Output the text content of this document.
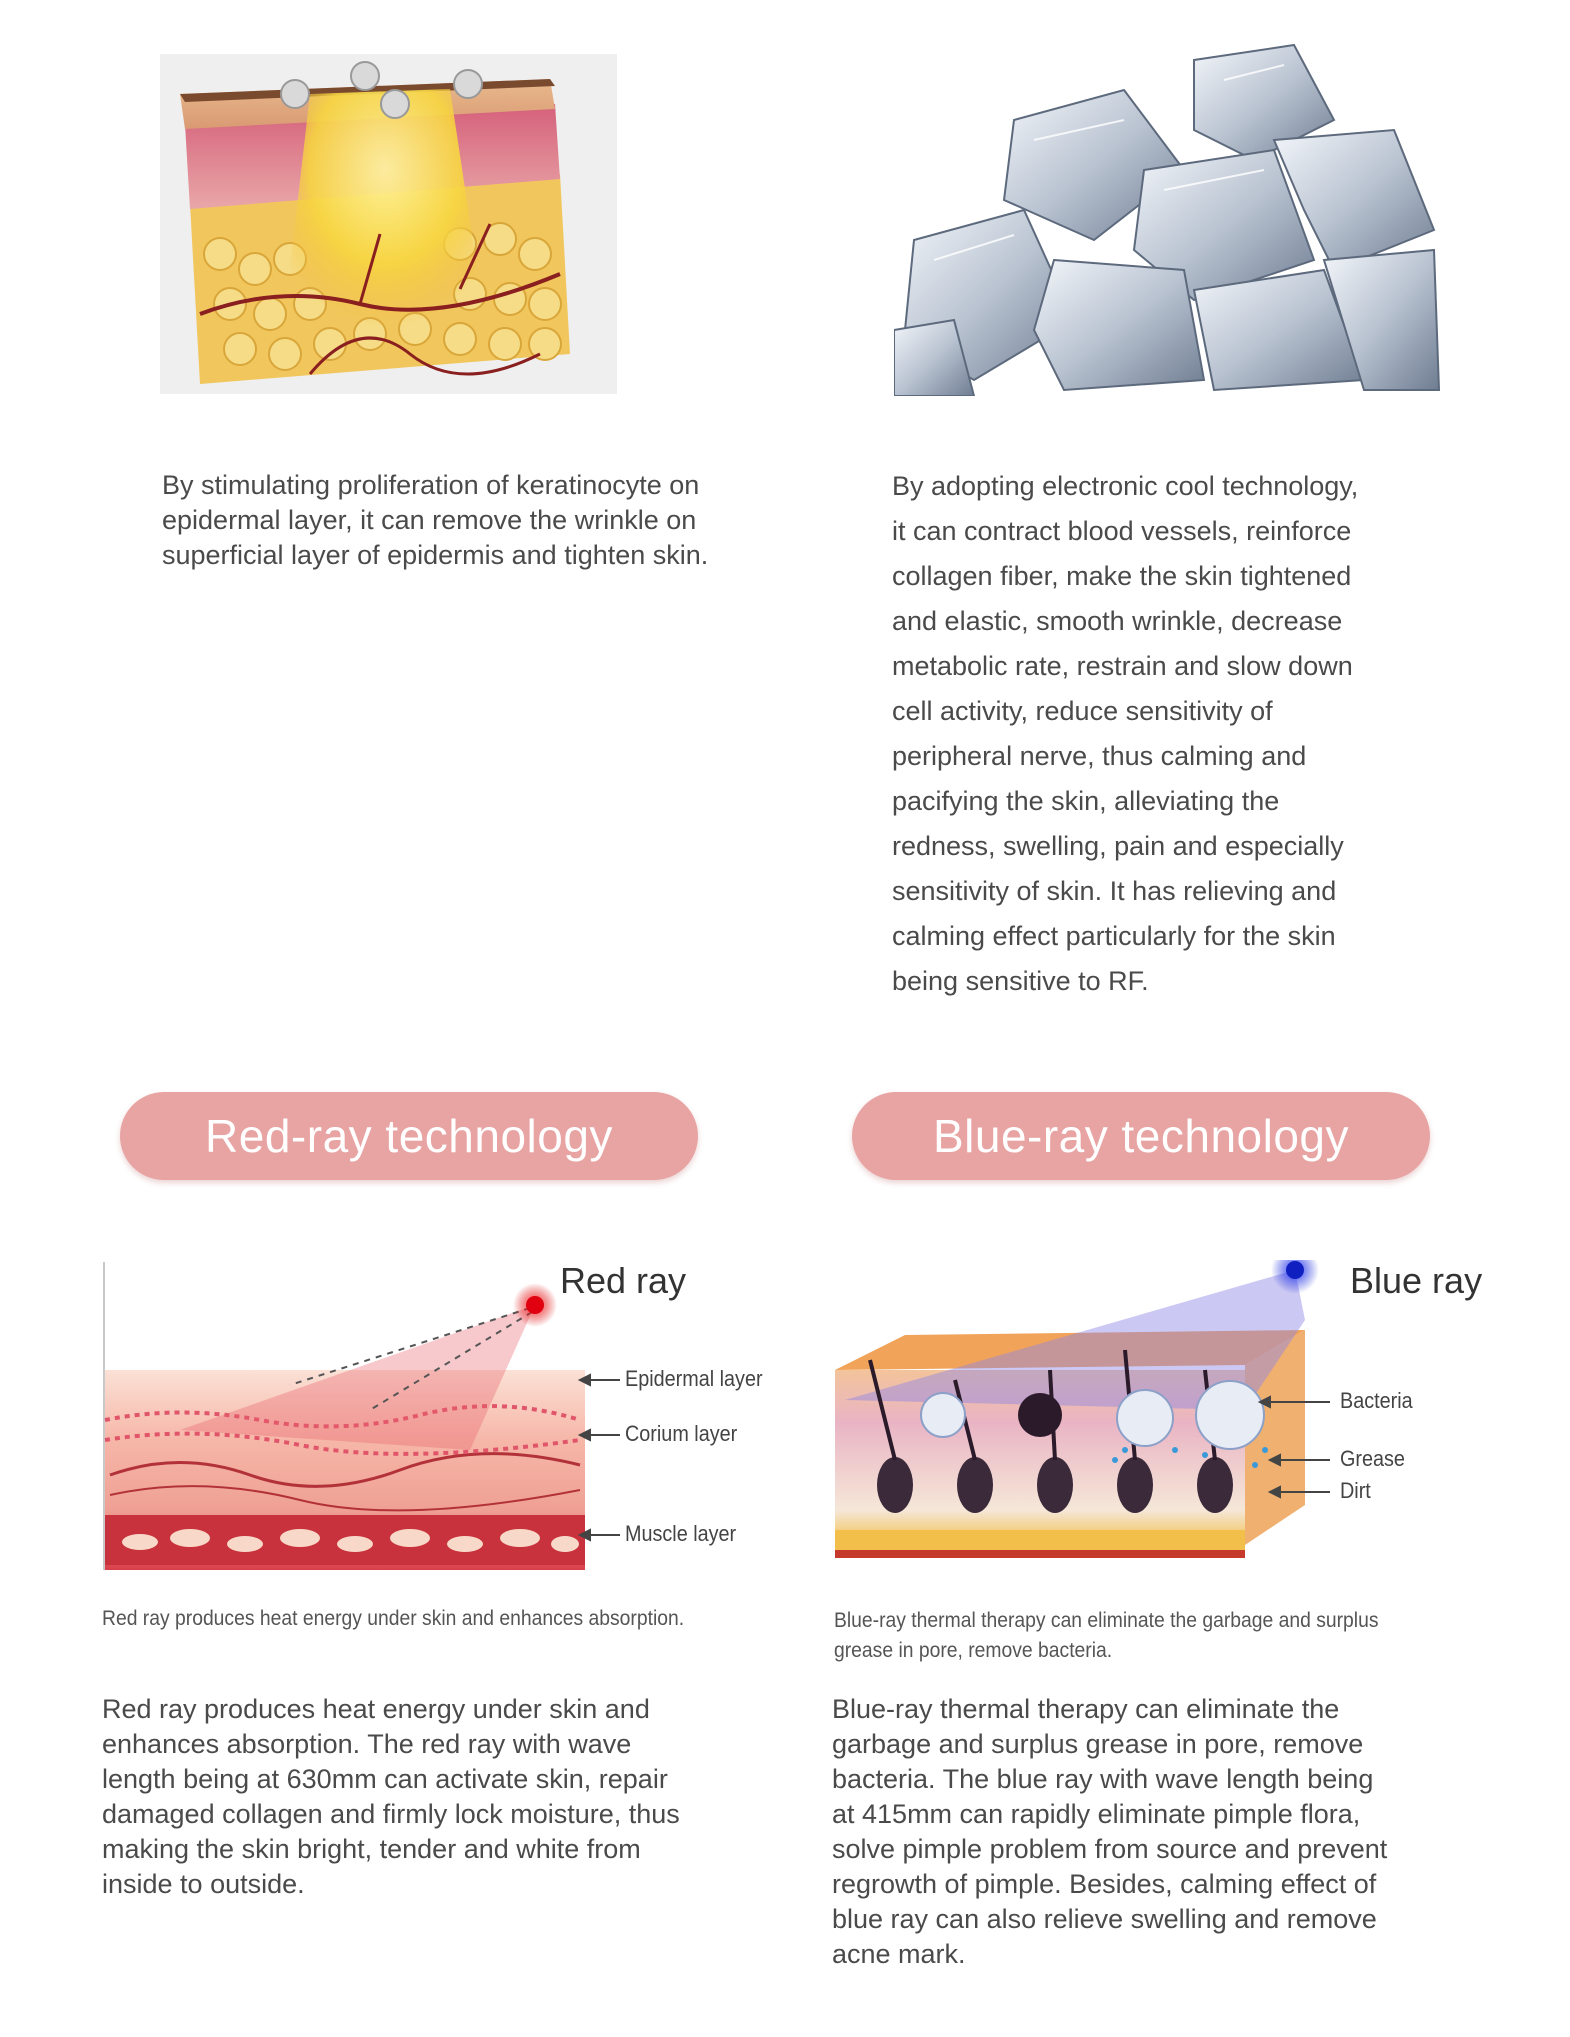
By stimulating proliferation of keratinocyte on
epidermal layer, it can remove the wrinkle on
superficial layer of epidermis and tighten skin.
By adopting electronic cool technology,
it can contract blood vessels, reinforce
collagen fiber, make the skin tightened
and elastic, smooth wrinkle, decrease
metabolic rate, restrain and slow down
cell activity, reduce sensitivity of
peripheral nerve, thus calming and
pacifying the skin, alleviating the
redness, swelling, pain and especially
sensitivity of skin. It has relieving and
calming effect particularly for the skin
being sensitive to RF.
Red-ray technology	Blue-ray technology
Red ray
Epidermal layer
Corium layer
Muscle layer
Blue ray
Bacteria
Grease
Dirt
Red ray produces heat energy under skin and enhances absorption.	Blue-ray thermal therapy can eliminate the garbage and surplus
grease in pore, remove bacteria.
Red ray produces heat energy under skin and
enhances absorption. The red ray with wave
length being at 630mm can activate skin, repair
damaged collagen and firmly lock moisture, thus
making the skin bright, tender and white from
inside to outside.
Blue-ray thermal therapy can eliminate the
garbage and surplus grease in pore, remove
bacteria. The blue ray with wave length being
at 415mm can rapidly eliminate pimple flora,
solve pimple problem from source and prevent
regrowth of pimple. Besides, calming effect of
blue ray can also relieve swelling and remove
acne mark.
